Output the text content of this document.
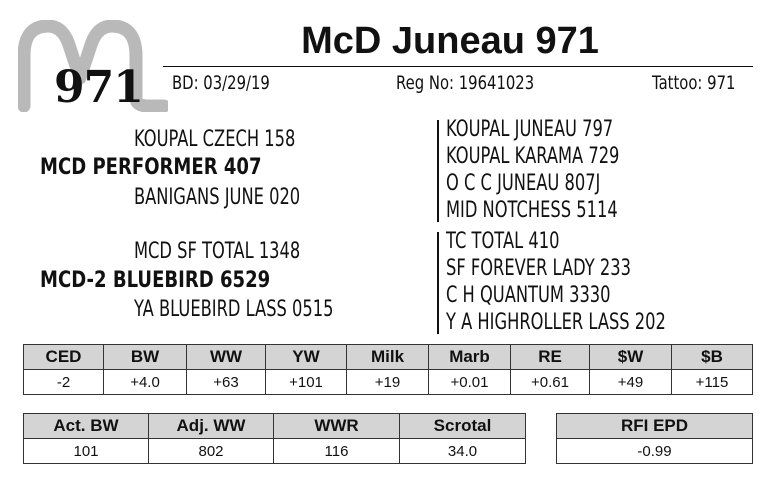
971
McD Juneau 971
BD: 03/29/19	Reg No: 19641023	Tattoo: 971
KOUPAL CZECH 158
MCD PERFORMER 407
BANIGANS JUNE 020
MCD SF TOTAL 1348
MCD-2 BLUEBIRD 6529
YA BLUEBIRD LASS 0515
KOUPAL JUNEAU 797
KOUPAL KARAMA 729
O C C JUNEAU 807J
MID NOTCHESS 5114
TC TOTAL 410
SF FOREVER LADY 233
C H QUANTUM 3330
Y A HIGHROLLER LASS 202
CED	BW	WW	YW	Milk	Marb	RE	$W	$B
-2	+4.0	+63	+101	+19	+0.01	+0.61	+49	+115
Act. BW	Adj. WW	WWR	Scrotal
101	802	116	34.0
RFI EPD
-0.99
